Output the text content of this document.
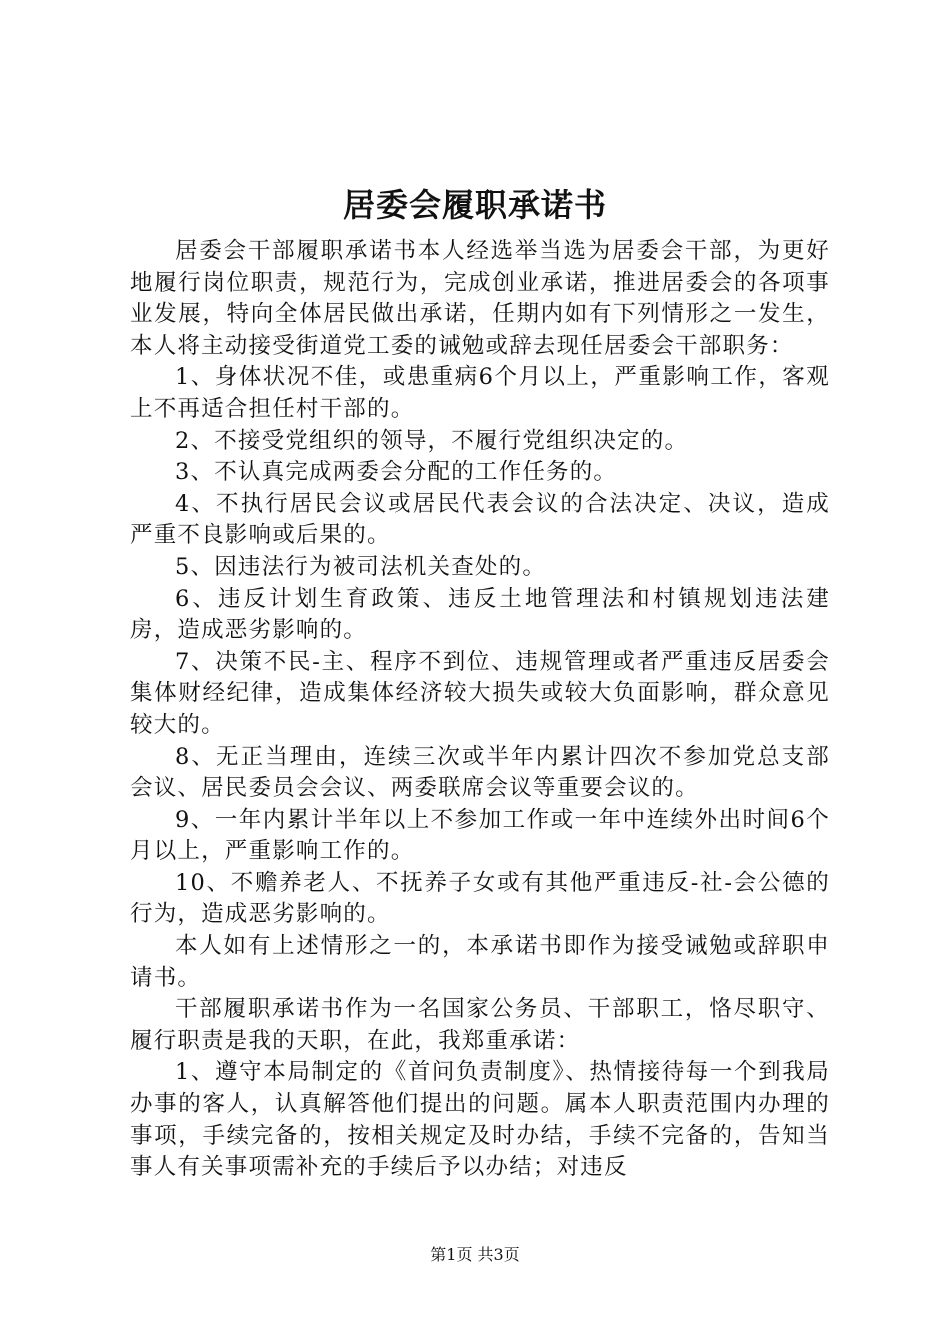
居委会履职承诺书

居委会干部履职承诺书本人经选举当选为居委会干部，为更好地履行岗位职责，规范行为，完成创业承诺，推进居委会的各项事业发展，特向全体居民做出承诺，任期内如有下列情形之一发生，本人将主动接受街道党工委的诫勉或辞去现任居委会干部职务：

1、身体状况不佳，或患重病6个月以上，严重影响工作，客观上不再适合担任村干部的。

2、不接受党组织的领导，不履行党组织决定的。

3、不认真完成两委会分配的工作任务的。

4、不执行居民会议或居民代表会议的合法决定、决议，造成严重不良影响或后果的。

5、因违法行为被司法机关查处的。

6、违反计划生育政策、违反土地管理法和村镇规划违法建房，造成恶劣影响的。

7、决策不民-主、程序不到位、违规管理或者严重违反居委会集体财经纪律，造成集体经济较大损失或较大负面影响，群众意见较大的。

8、无正当理由，连续三次或半年内累计四次不参加党总支部会议、居民委员会会议、两委联席会议等重要会议的。

9、一年内累计半年以上不参加工作或一年中连续外出时间6个月以上，严重影响工作的。

10、不赡养老人、不抚养子女或有其他严重违反-社-会公德的行为，造成恶劣影响的。

本人如有上述情形之一的，本承诺书即作为接受诫勉或辞职申请书。

干部履职承诺书作为一名国家公务员、干部职工，恪尽职守、履行职责是我的天职，在此，我郑重承诺：

1、遵守本局制定的《首问负责制度》、热情接待每一个到我局办事的客人，认真解答他们提出的问题。属本人职责范围内办理的事项，手续完备的，按相关规定及时办结，手续不完备的，告知当事人有关事项需补充的手续后予以办结；对违反

第1页 共3页
